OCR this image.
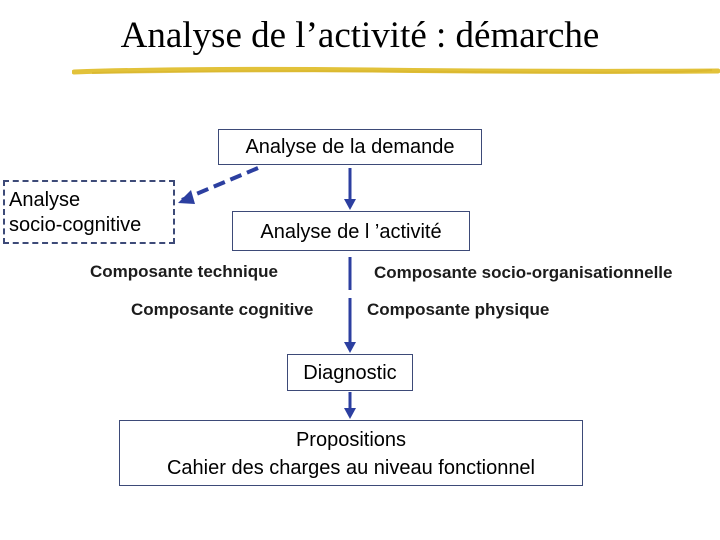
Analyse de l’activité : démarche
Analyse de la demande
Analyse
socio-cognitive	Analyse de l ’activité
Composante technique	Composante socio-organisationnelle
Composante cognitive	Composante physique
Diagnostic
Propositions
Cahier des charges au niveau fonctionnel
